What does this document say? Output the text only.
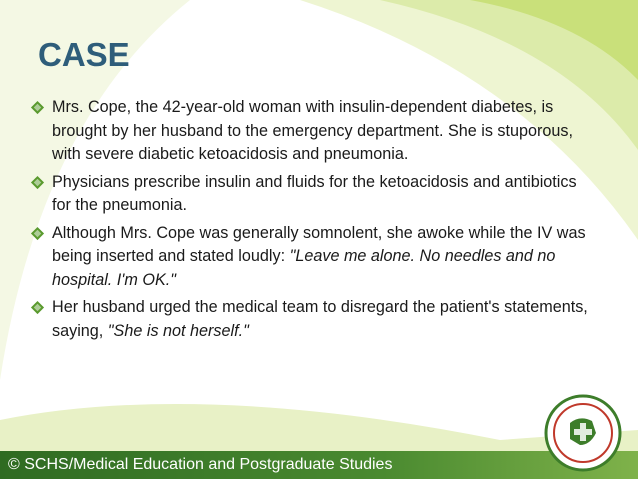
CASE
Mrs. Cope, the 42-year-old woman with insulin-dependent diabetes, is brought by her husband to the emergency department. She is stuporous, with severe diabetic ketoacidosis and pneumonia.
Physicians prescribe insulin and fluids for the ketoacidosis and antibiotics for the pneumonia.
Although Mrs. Cope was generally somnolent, she awoke while the IV was being inserted and stated loudly: "Leave me alone. No needles and no hospital. I'm OK."
Her husband urged the medical team to disregard the patient's statements, saying, "She is not herself."
© SCHS/Medical Education and Postgraduate Studies
